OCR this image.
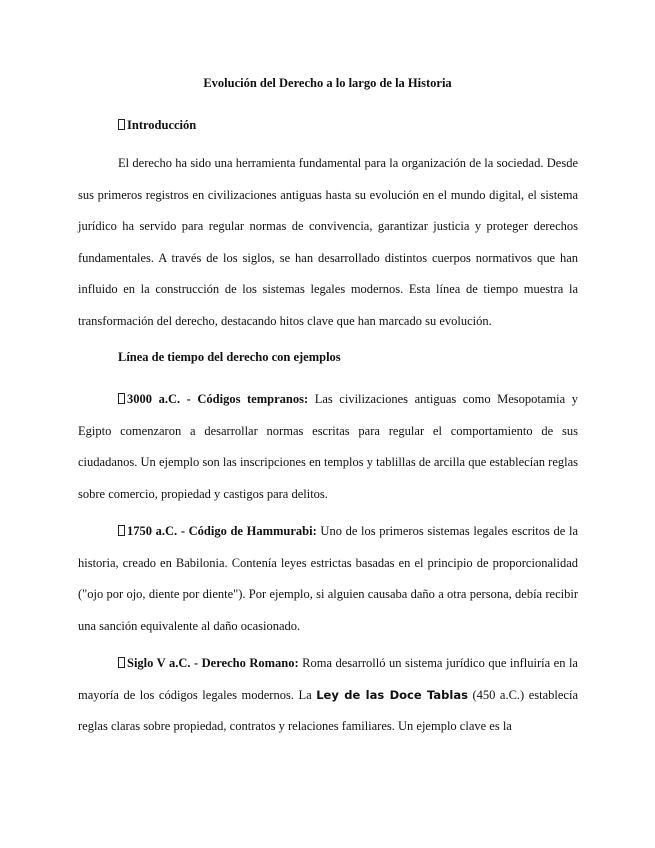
Evolución del Derecho a lo largo de la Historia
Introducción
El derecho ha sido una herramienta fundamental para la organización de la sociedad. Desde sus primeros registros en civilizaciones antiguas hasta su evolución en el mundo digital, el sistema jurídico ha servido para regular normas de convivencia, garantizar justicia y proteger derechos fundamentales. A través de los siglos, se han desarrollado distintos cuerpos normativos que han influido en la construcción de los sistemas legales modernos. Esta línea de tiempo muestra la transformación del derecho, destacando hitos clave que han marcado su evolución.
Línea de tiempo del derecho con ejemplos
3000 a.C. - Códigos tempranos: Las civilizaciones antiguas como Mesopotamia y Egipto comenzaron a desarrollar normas escritas para regular el comportamiento de sus ciudadanos. Un ejemplo son las inscripciones en templos y tablillas de arcilla que establecían reglas sobre comercio, propiedad y castigos para delitos.
1750 a.C. - Código de Hammurabi: Uno de los primeros sistemas legales escritos de la historia, creado en Babilonia. Contenía leyes estrictas basadas en el principio de proporcionalidad ("ojo por ojo, diente por diente"). Por ejemplo, si alguien causaba daño a otra persona, debía recibir una sanción equivalente al daño ocasionado.
Siglo V a.C. - Derecho Romano: Roma desarrolló un sistema jurídico que influiría en la mayoría de los códigos legales modernos. La Ley de las Doce Tablas (450 a.C.) establecía reglas claras sobre propiedad, contratos y relaciones familiares. Un ejemplo clave es la
